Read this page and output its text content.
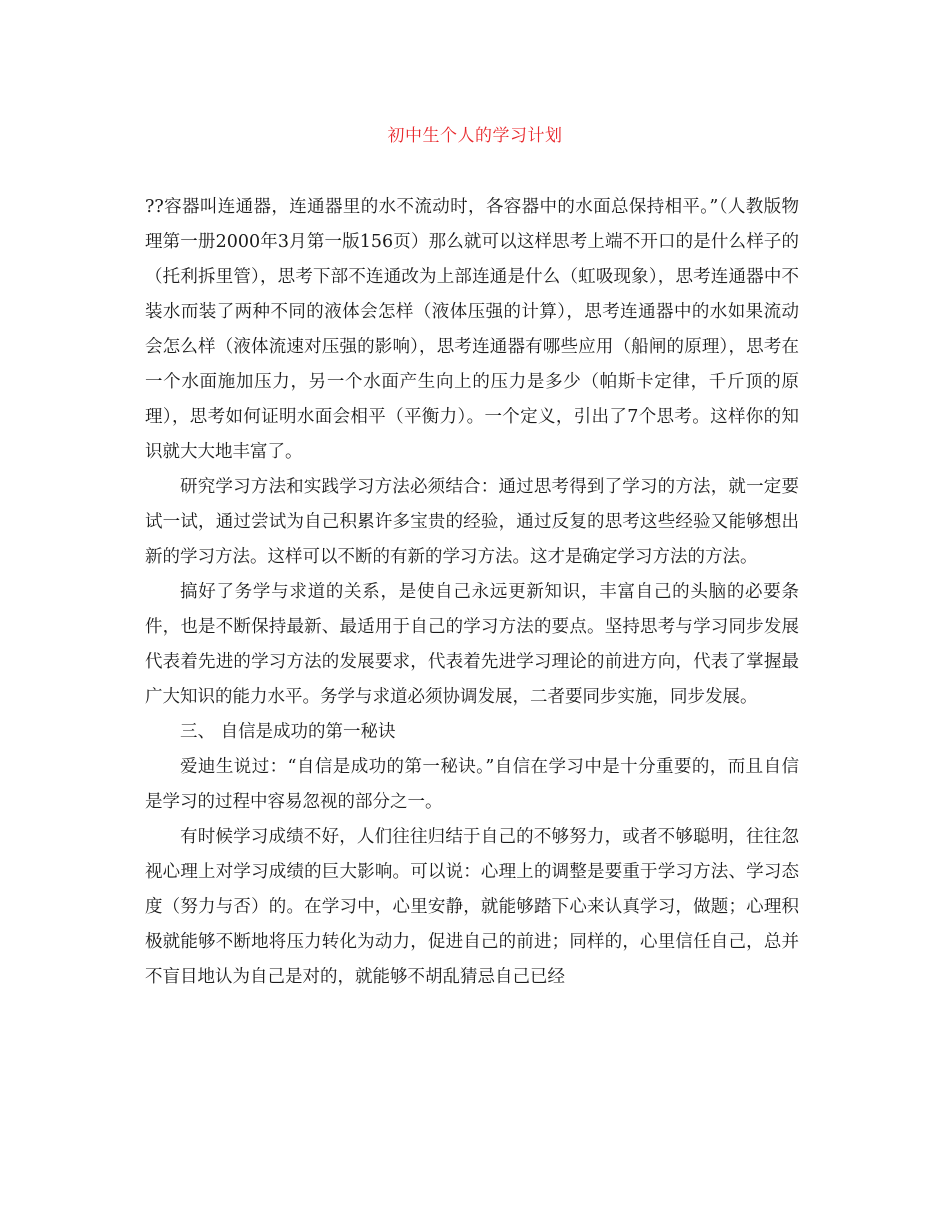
初中生个人的学习计划

??容器叫连通器，连通器里的水不流动时，各容器中的水面总保持相平。”（人教版物理第一册2000年3月第一版156页）那么就可以这样思考上端不开口的是什么样子的（托利拆里管），思考下部不连通改为上部连通是什么（虹吸现象），思考连通器中不装水而装了两种不同的液体会怎样（液体压强的计算），思考连通器中的水如果流动会怎么样（液体流速对压强的影响），思考连通器有哪些应用（船闸的原理），思考在一个水面施加压力，另一个水面产生向上的压力是多少（帕斯卡定律，千斤顶的原理），思考如何证明水面会相平（平衡力）。一个定义，引出了7个思考。这样你的知识就大大地丰富了。

研究学习方法和实践学习方法必须结合：通过思考得到了学习的方法，就一定要试一试，通过尝试为自己积累许多宝贵的经验，通过反复的思考这些经验又能够想出新的学习方法。这样可以不断的有新的学习方法。这才是确定学习方法的方法。

搞好了务学与求道的关系，是使自己永远更新知识，丰富自己的头脑的必要条件，也是不断保持最新、最适用于自己的学习方法的要点。坚持思考与学习同步发展代表着先进的学习方法的发展要求，代表着先进学习理论的前进方向，代表了掌握最广大知识的能力水平。务学与求道必须协调发展，二者要同步实施，同步发展。

三、 自信是成功的第一秘诀

爱迪生说过：“自信是成功的第一秘诀。”自信在学习中是十分重要的，而且自信是学习的过程中容易忽视的部分之一。

有时候学习成绩不好，人们往往归结于自己的不够努力，或者不够聪明，往往忽视心理上对学习成绩的巨大影响。可以说：心理上的调整是要重于学习方法、学习态度（努力与否）的。在学习中，心里安静，就能够踏下心来认真学习，做题；心理积极就能够不断地将压力转化为动力，促进自己的前进；同样的，心里信任自己，总并不盲目地认为自己是对的，就能够不胡乱猜忌自己已经
